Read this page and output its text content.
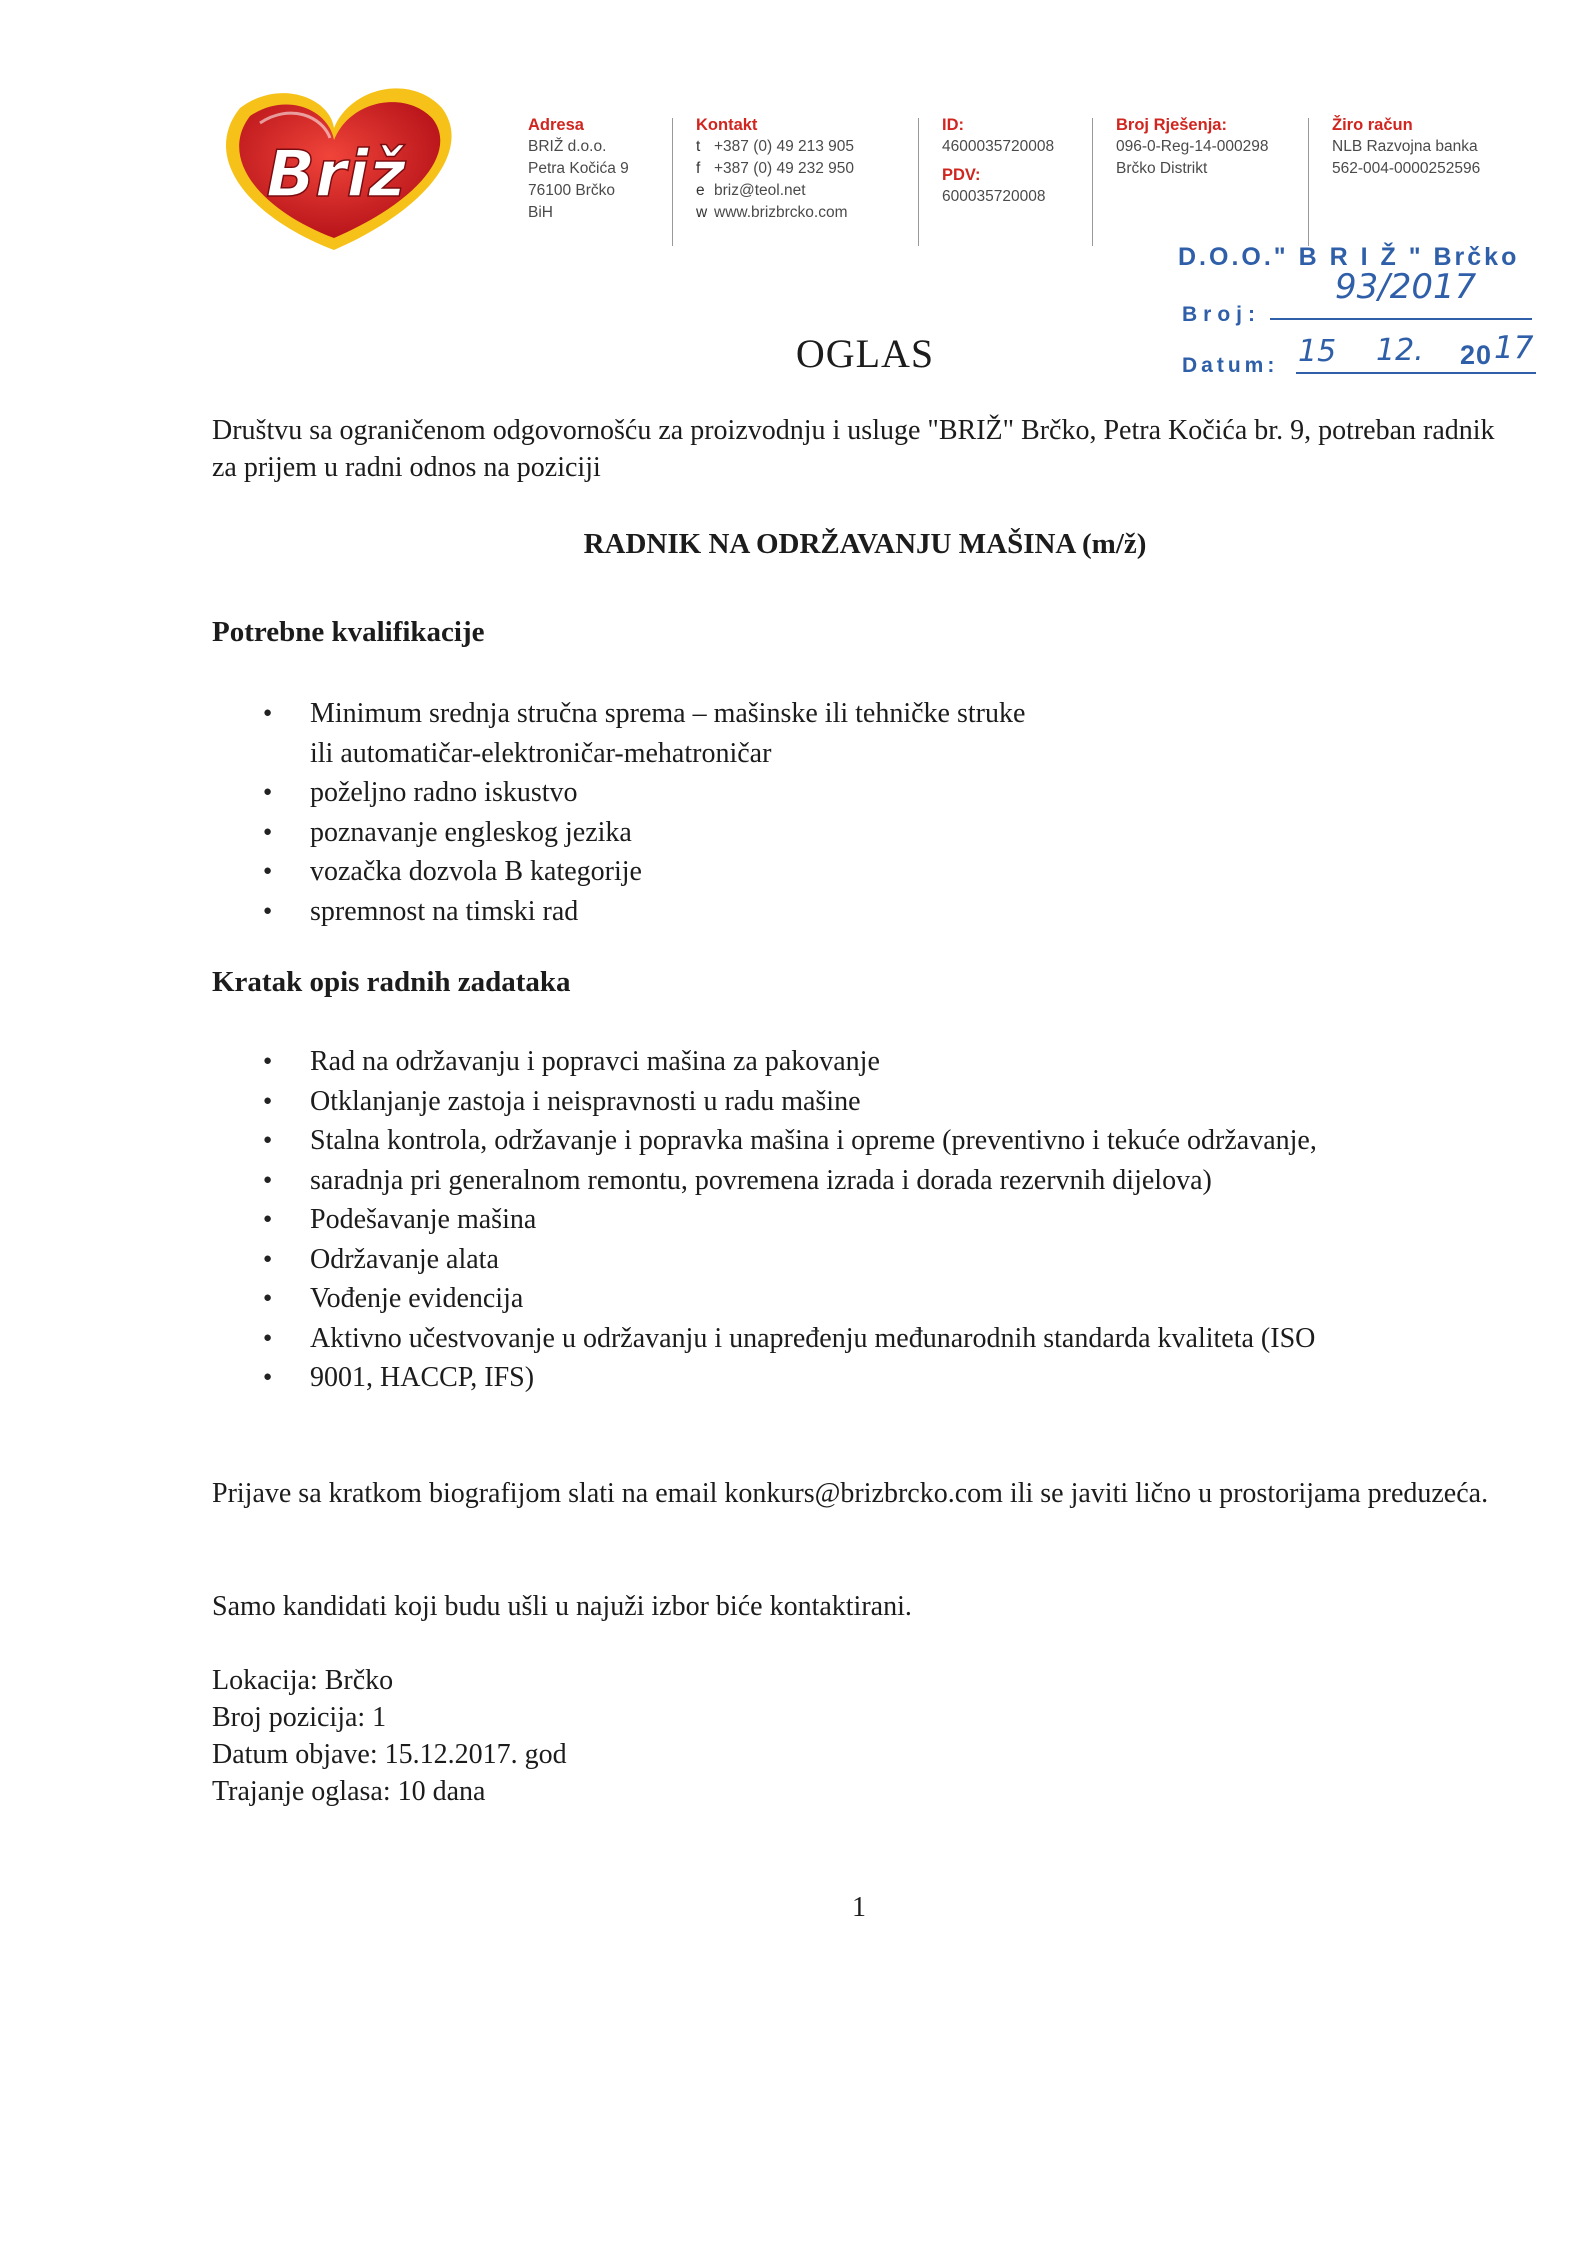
Briž
Adresa
BRIŽ d.o.o.
Petra Kočića 9
76100 Brčko
BiH
Kontakt
t +387 (0) 49 213 905
f +387 (0) 49 232 950
e briz@teol.net
w www.brizbrcko.com
ID:
4600035720008
PDV:
600035720008
Broj Rješenja:
096-0-Reg-14-000298
Brčko Distrikt
Žiro račun
NLB Razvojna banka
562-004-0000252596
D.O.O." B R I Ž " Brčko
Broj:
93/2017
Datum: 15 12. 20 17
OGLAS
Društvu sa ograničenom odgovornošću za proizvodnju i usluge "BRIŽ" Brčko, Petra Kočića br. 9, potreban radnik za prijem u radni odnos na poziciji
RADNIK NA ODRŽAVANJU MAŠINA (m/ž)
Potrebne kvalifikacije
● Minimum srednja stručna sprema – mašinske ili tehničke struke
ili automatičar-elektroničar-mehatroničar
● poželjno radno iskustvo
● poznavanje engleskog jezika
● vozačka dozvola B kategorije
● spremnost na timski rad
Kratak opis radnih zadataka
● Rad na održavanju i popravci mašina za pakovanje
● Otklanjanje zastoja i neispravnosti u radu mašine
● Stalna kontrola, održavanje i popravka mašina i opreme (preventivno i tekuće održavanje,
● saradnja pri generalnom remontu, povremena izrada i dorada rezervnih dijelova)
● Podešavanje mašina
● Održavanje alata
● Vođenje evidencija
● Aktivno učestvovanje u održavanju i unapređenju međunarodnih standarda kvaliteta (ISO
● 9001, HACCP, IFS)
Prijave sa kratkom biografijom slati na email konkurs@brizbrcko.com ili se javiti lično u prostorijama preduzeća.
Samo kandidati koji budu ušli u najuži izbor biće kontaktirani.
Lokacija: Brčko
Broj pozicija: 1
Datum objave: 15.12.2017. god
Trajanje oglasa: 10 dana
1
